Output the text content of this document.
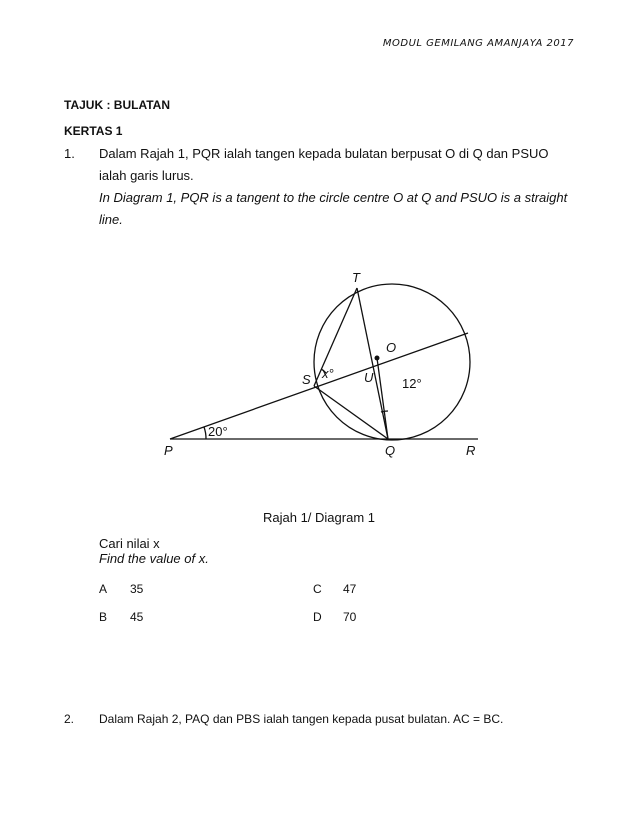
MODUL GEMILANG AMANJAYA 2017
TAJUK : BULATAN
KERTAS 1
1. Dalam Rajah 1, PQR ialah tangen kepada bulatan berpusat O di Q dan PSUO
ialah garis lurus.
In Diagram 1, PQR is a tangent to the circle centre O at Q and PSUO is a straight
line.
T
O
S	U
P	Q	R
x°
20°
12°
Rajah 1/ Diagram 1
Cari nilai x
Find the value of x.
A 35
B 45
C 47
D 70
2. Dalam Rajah 2, PAQ dan PBS ialah tangen kepada pusat bulatan. AC = BC.
